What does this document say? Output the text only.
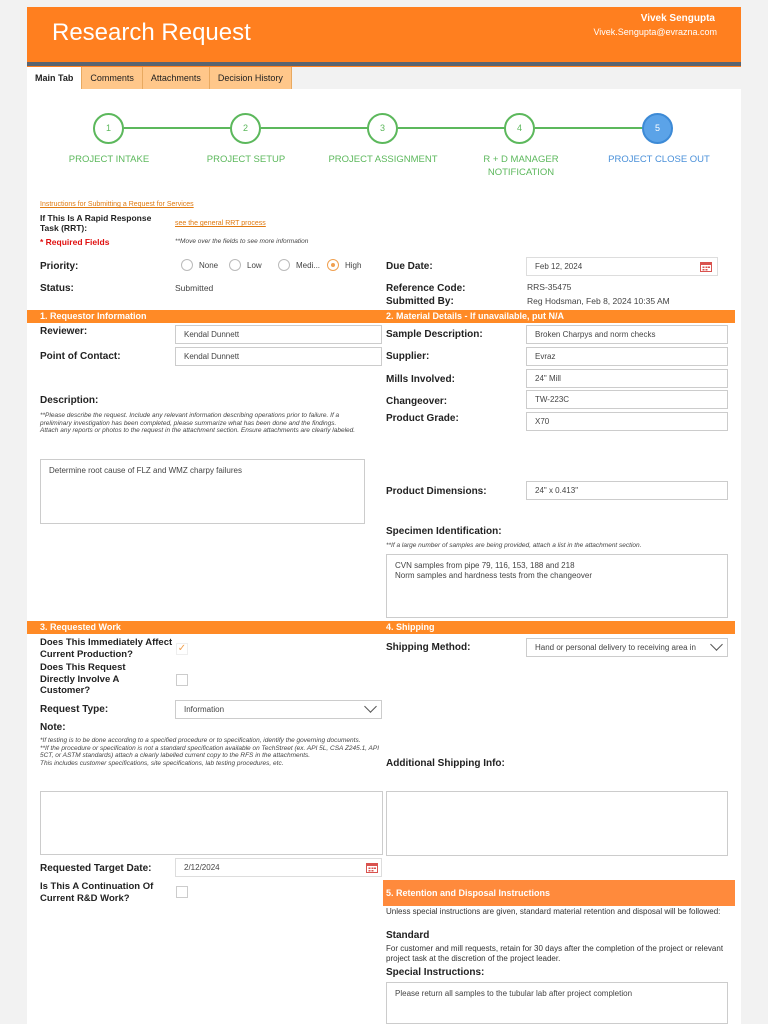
Research Request
Vivek Sengupta
Vivek.Sengupta@evrazna.com
Main Tab	Comments	Attachments	Decision History
1	2	3	4	5
PROJECT INTAKE	PROJECT SETUP	PROJECT ASSIGNMENT	R + D MANAGER NOTIFICATION
PROJECT CLOSE OUT
Instructions for Submitting a Request for Services
If This Is A Rapid Response Task (RRT):	see the general RRT process
* Required Fields	**Move over the fields to see more information
Priority:	None	Low	Medi...	High Due Date:	Feb 12, 2024
Status:	Submitted	Reference Code:	RRS-35475
Submitted By:	Reg Hodsman, Feb 8, 2024 10:35 AM
1. Requestor Information	2. Material Details - If unavailable, put N/A
Reviewer:	Kendal Dunnett
Point of Contact:	Kendal Dunnett
Description:
**Please describe the request. Include any relevant information describing operations prior to failure. If a preliminary investigation has been completed, please summarize what has been done and the findings.
Attach any reports or photos to the request in the attachment section. Ensure attachments are clearly labeled.
Determine root cause of FLZ and WMZ charpy failures
Sample Description:	Broken Charpys and norm checks
Supplier:	Evraz
Mills Involved:	24" Mill
Changeover:	TW-223C
Product Grade:	X70
Product Dimensions:	24" x 0.413"
Specimen Identification:
**If a large number of samples are being provided, attach a list in the attachment section.
CVN samples from pipe 79, 116, 153, 188 and 218
Norm samples and hardness tests from the changeover
3. Requested Work	4. Shipping
Does This Immediately Affect Current Production?	✓
Does This Request Directly Involve A Customer?
Request Type:	Information
Note:
*If testing is to be done according to a specified procedure or to specification, identify the governing documents.
**If the procedure or specification is not a standard specification available on TechStreet (ex. API 5L, CSA Z245.1, API 5CT, or ASTM standards) attach a clearly labelled current copy to the RFS in the attachments.
This includes customer specifications, site specifications, lab testing procedures, etc.
Requested Target Date:	2/12/2024
Is This A Continuation Of Current R&D Work?
Shipping Method:	Hand or personal delivery to receiving area in
Additional Shipping Info:
5. Retention and Disposal Instructions
Unless special instructions are given, standard material retention and disposal will be followed:
Standard
For customer and mill requests, retain for 30 days after the completion of the project or relevant project task at the discretion of the project leader.
Special Instructions:
Please return all samples to the tubular lab after project completion
